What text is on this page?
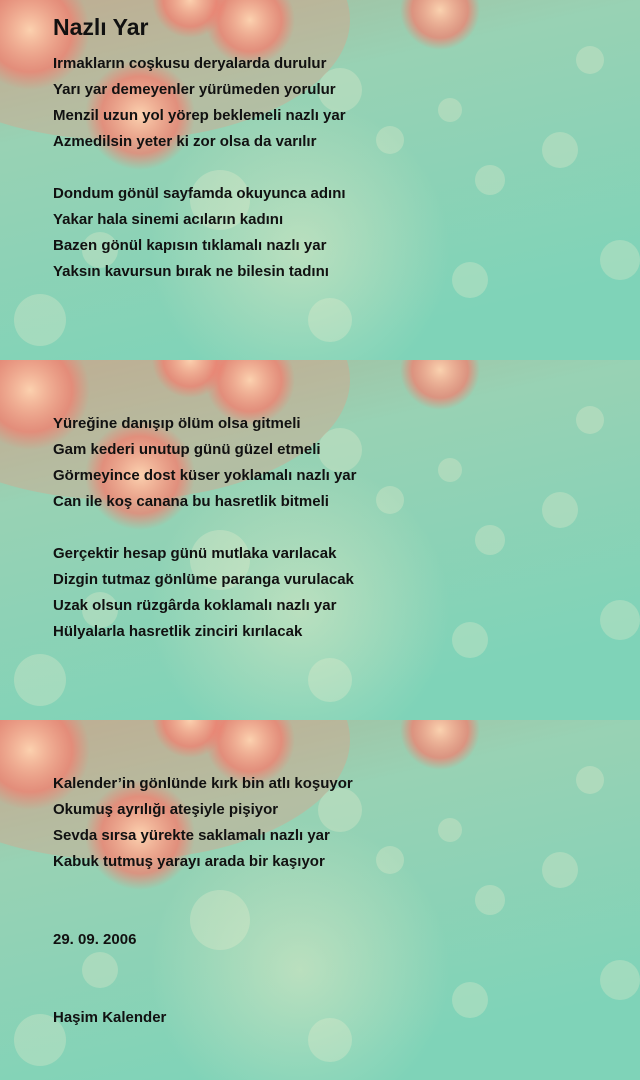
Nazlı Yar
Irmakların coşkusu deryalarda durulur
Yarı yar demeyenler yürümeden yorulur
Menzil uzun yol yörep beklemeli nazlı yar
Azmedilsin yeter ki zor olsa da varılır
Dondum gönül sayfamda okuyunca adını
Yakar hala sinemi acıların kadını
Bazen gönül kapısın tıklamalı nazlı yar
Yaksın kavursun bırak ne bilesin tadını
Yüreğine danışıp ölüm olsa gitmeli
Gam kederi unutup günü güzel etmeli
Görmeyince dost küser yoklamalı nazlı yar
Can ile koş canana bu hasretlik bitmeli
Gerçektir hesap günü mutlaka varılacak
Dizgin tutmaz gönlüme paranga vurulacak
Uzak olsun rüzgârda koklamalı nazlı yar
Hülyalarla hasretlik zinciri kırılacak
Kalender’in gönlünde kırk bin atlı koşuyor
Okumuş ayrılığı ateşiyle pişiyor
Sevda sırsa yürekte saklamalı nazlı yar
Kabuk tutmuş yarayı arada bir kaşıyor
29. 09. 2006
Haşim Kalender
